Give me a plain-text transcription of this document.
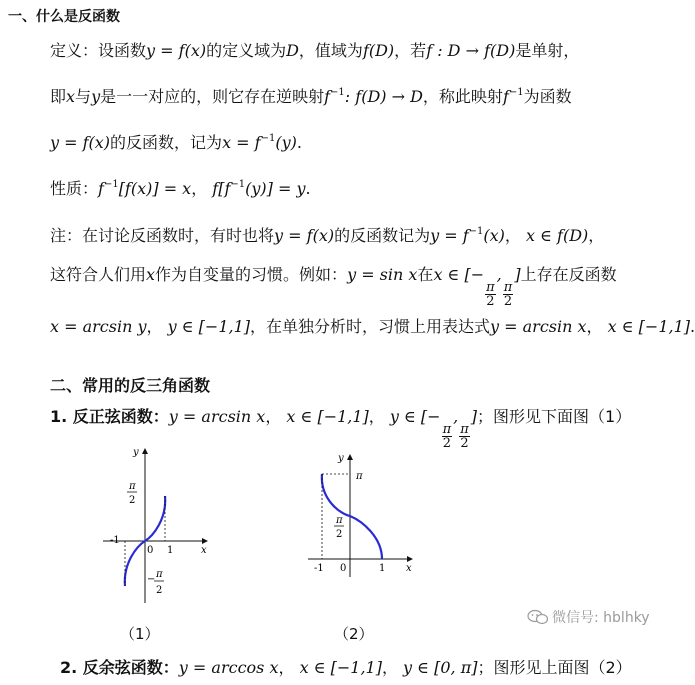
一、什么是反函数
定义：设函数y = f(x)的定义域为D，值域为f(D)，若f : D → f(D)是单射，
即x与y是一一对应的，则它存在逆映射$f^{-1}$: f(D) → D，称此映射$f^{-1}$为函数
y = f(x)的反函数，记为$x = f^{-1}(y)$.
性质：$f^{-1}[f(x)] = x$， $f[f^{-1}(y)] = y$.
注：在讨论反函数时，有时也将y = f(x)的反函数记为$y = f^{-1}(x)$， x ∈ f(D)，
这符合人们用x作为自变量的习惯。例如：y = sin x在x ∈ [−
$\frac{\pi}{2}$
,
$\frac{\pi}{2}$
]上存在反函数
x = arcsin y， y ∈ [−1,1]，在单独分析时，习惯上用表达式y = arcsin x， x ∈ [−1,1].
二、常用的反三角函数
1. 反正弦函数：y = arcsin x， x ∈ [−1,1]， y ∈ [−
$\frac{\pi}{2}$
,
$\frac{\pi}{2}$
]；图形见下面图（1）
y
x
-1
0 1
π
2
− π
2
（1）
y
x
π
π
2
-1 0	1
（2）
微信号: hblhky
2. 反余弦函数：y = arccos x， x ∈ [−1,1]， y ∈ [0, π]；图形见上面图（2）
